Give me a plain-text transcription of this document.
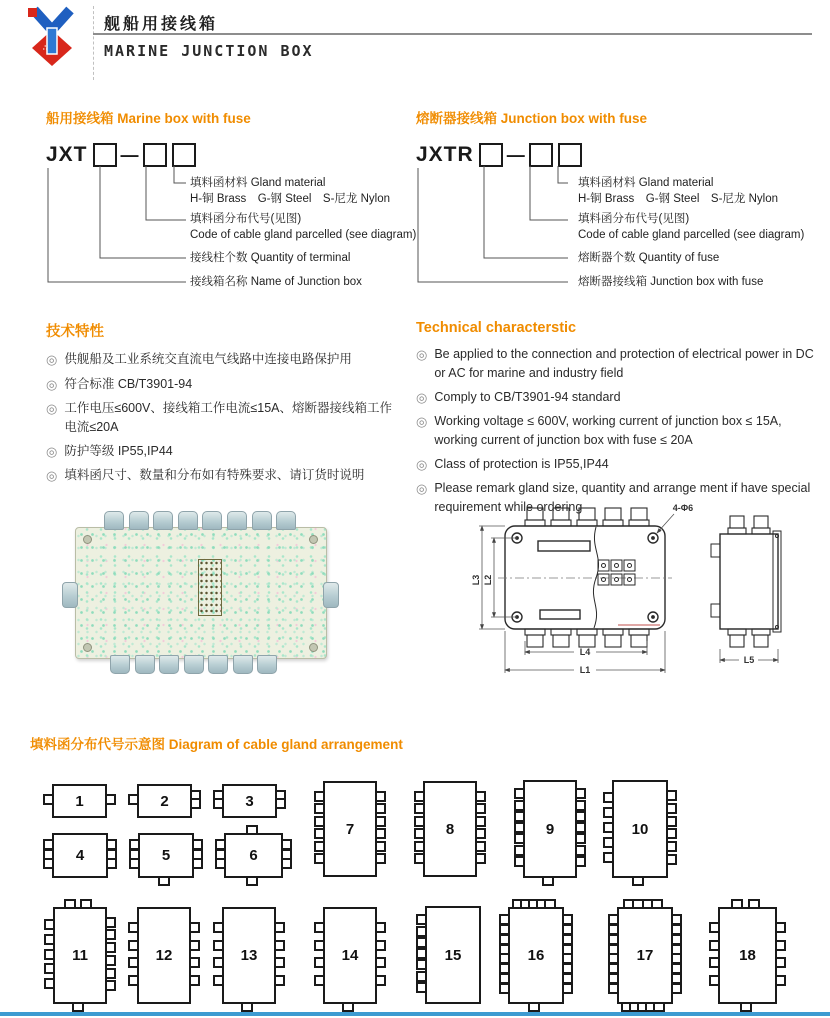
∴
舰船用接线箱
MARINE JUNCTION BOX
船用接线箱 Marine box with fuse
JXT —
填料函材料 Gland material
H-铜 Brass　G-钢 Steel　S-尼龙 Nylon
填料函分布代号(见图)
Code of cable gland parcelled (see diagram)
接线柱个数 Quantity of terminal
接线箱名称 Name of Junction box
熔断器接线箱 Junction box with fuse
JXTR —
填料函材料 Gland material
H-铜 Brass　G-钢 Steel　S-尼龙 Nylon
填料函分布代号(见图)
Code of cable gland parcelled (see diagram)
熔断器个数 Quantity of fuse
熔断器接线箱 Junction box with fuse
技术特性
◎ 供舰船及工业系统交直流电气线路中连接电路保护用
◎ 符合标准 CB/T3901-94
◎ 工作电压≤600V、接线箱工作电流≤15A、熔断器接线箱工作电流≤20A
◎ 防护等级 IP55,IP44
◎ 填料函尺寸、数量和分布如有特殊要求、请订货时说明
Technical characterstic
◎ Be applied to the connection and protection of electrical power in DC or AC for marine and industry field
◎ Comply to CB/T3901-94 standard
◎ Working voltage ≤ 600V, working current of junction box ≤ 15A, working current of junction box with fuse ≤ 20A
◎ Class of protection is IP55,IP44
◎ Please remark gland size, quantity and arrange ment if have special requirement while ordering
L3 L2
L4
L1
4-Φ6
L5
填料函分布代号示意图 Diagram of cable gland arrangement
1	2	3
4	5	6
7	8	9	10
11	12	13	14	15	16	17	18
